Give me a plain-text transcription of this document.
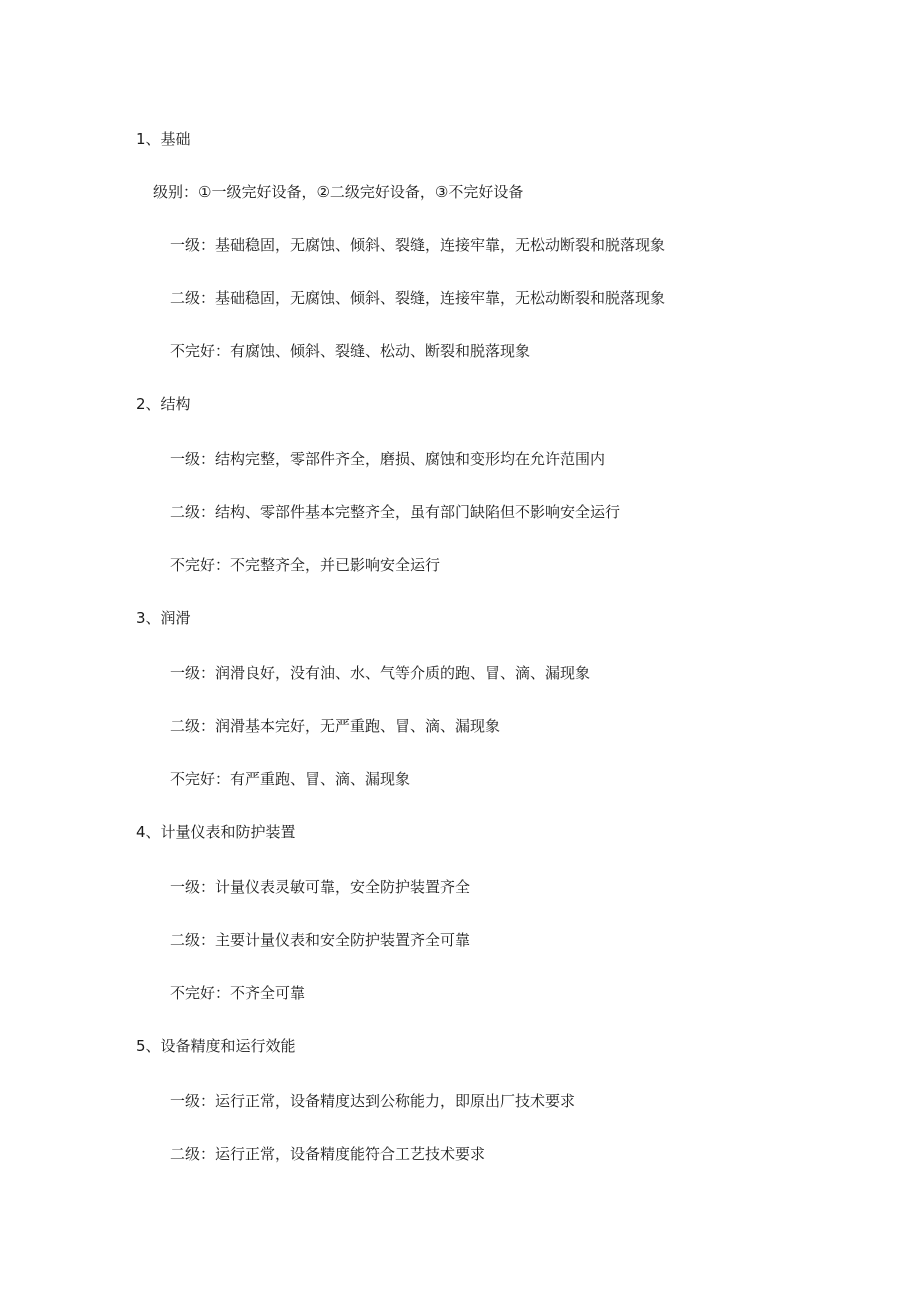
1、基础
级别：①一级完好设备，②二级完好设备，③不完好设备
一级：基础稳固，无腐蚀、倾斜、裂缝，连接牢靠，无松动断裂和脱落现象
二级：基础稳固，无腐蚀、倾斜、裂缝，连接牢靠，无松动断裂和脱落现象
不完好：有腐蚀、倾斜、裂缝、松动、断裂和脱落现象
2、结构
一级：结构完整，零部件齐全，磨损、腐蚀和变形均在允许范围内
二级：结构、零部件基本完整齐全，虽有部门缺陷但不影响安全运行
不完好：不完整齐全，并已影响安全运行
3、润滑
一级：润滑良好，没有油、水、气等介质的跑、冒、滴、漏现象
二级：润滑基本完好，无严重跑、冒、滴、漏现象
不完好：有严重跑、冒、滴、漏现象
4、计量仪表和防护装置
一级：计量仪表灵敏可靠，安全防护装置齐全
二级：主要计量仪表和安全防护装置齐全可靠
不完好：不齐全可靠
5、设备精度和运行效能
一级：运行正常，设备精度达到公称能力，即原出厂技术要求
二级：运行正常，设备精度能符合工艺技术要求
